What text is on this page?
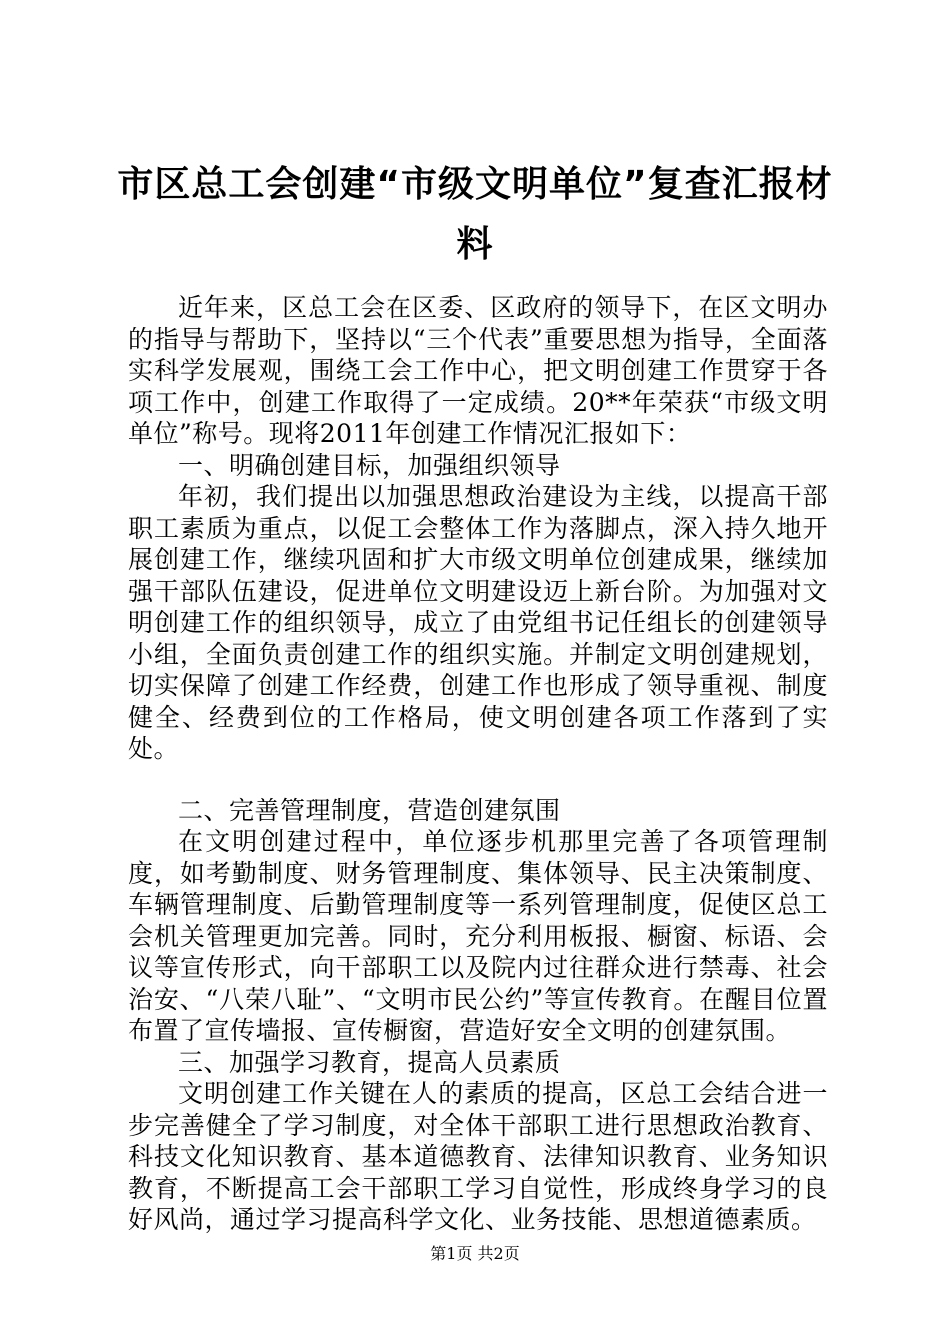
市区总工会创建“市级文明单位”复查汇报材料

近年来，区总工会在区委、区政府的领导下，在区文明办的指导与帮助下，坚持以“三个代表”重要思想为指导，全面落实科学发展观，围绕工会工作中心，把文明创建工作贯穿于各项工作中，创建工作取得了一定成绩。20**年荣获“市级文明单位”称号。现将2011年创建工作情况汇报如下：

一、明确创建目标，加强组织领导

年初，我们提出以加强思想政治建设为主线，以提高干部职工素质为重点，以促工会整体工作为落脚点，深入持久地开展创建工作，继续巩固和扩大市级文明单位创建成果，继续加强干部队伍建设，促进单位文明建设迈上新台阶。为加强对文明创建工作的组织领导，成立了由党组书记任组长的创建领导小组，全面负责创建工作的组织实施。并制定文明创建规划，切实保障了创建工作经费，创建工作也形成了领导重视、制度健全、经费到位的工作格局，使文明创建各项工作落到了实处。

二、完善管理制度，营造创建氛围

在文明创建过程中，单位逐步机那里完善了各项管理制度，如考勤制度、财务管理制度、集体领导、民主决策制度、车辆管理制度、后勤管理制度等一系列管理制度，促使区总工会机关管理更加完善。同时，充分利用板报、橱窗、标语、会议等宣传形式，向干部职工以及院内过往群众进行禁毒、社会治安、“八荣八耻”、“文明市民公约”等宣传教育。在醒目位置布置了宣传墙报、宣传橱窗，营造好安全文明的创建氛围。

三、加强学习教育，提高人员素质

文明创建工作关键在人的素质的提高，区总工会结合进一步完善健全了学习制度，对全体干部职工进行思想政治教育、科技文化知识教育、基本道德教育、法律知识教育、业务知识教育，不断提高工会干部职工学习自觉性，形成终身学习的良好风尚，通过学习提高科学文化、业务技能、思想道德素质。

第1页 共2页
